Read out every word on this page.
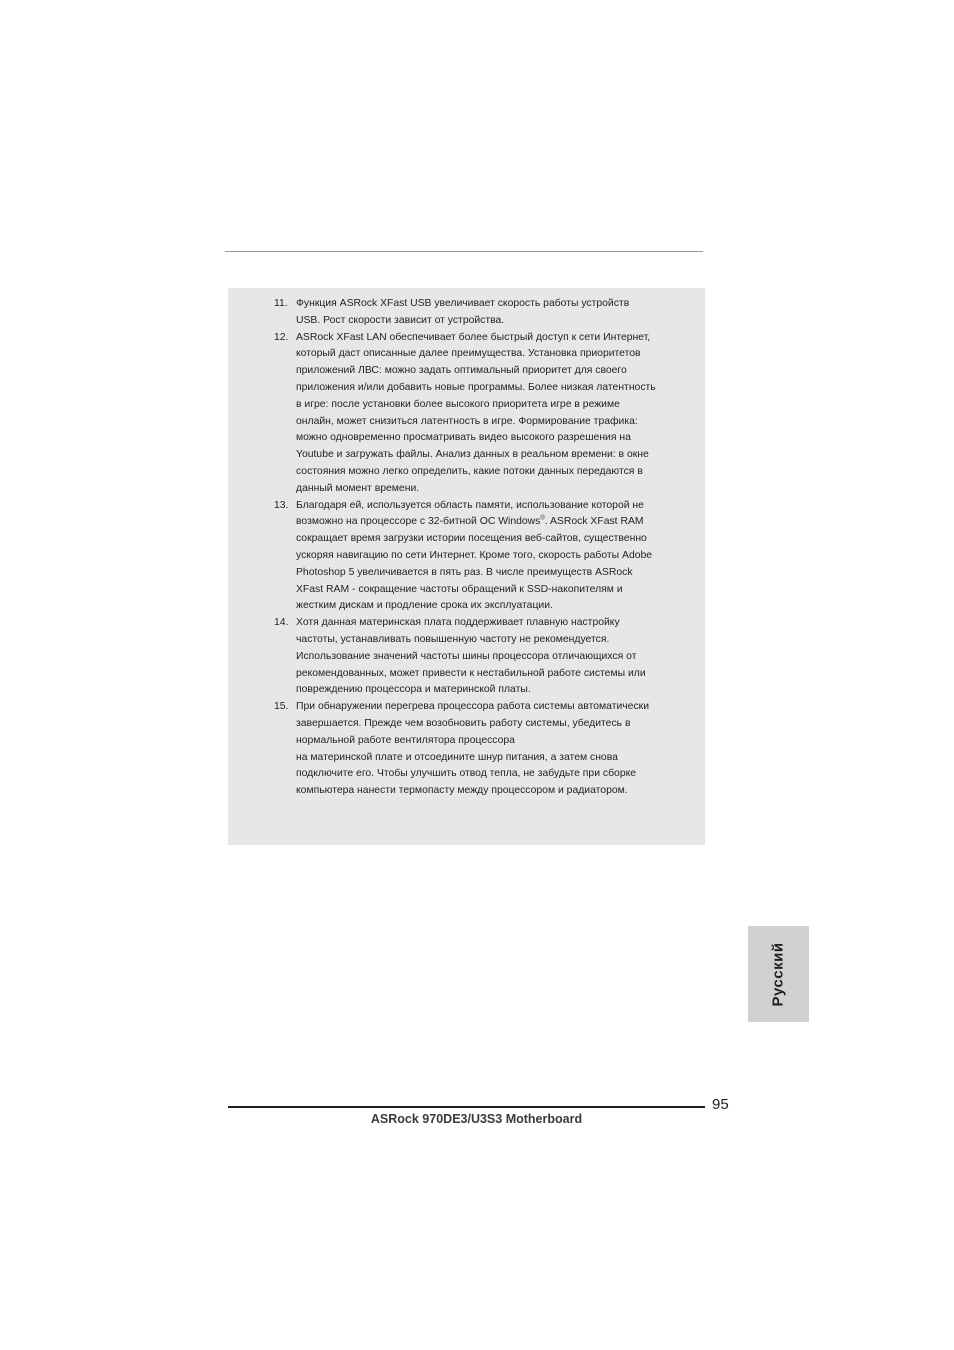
11. Функция ASRock XFast USB увеличивает скорость работы устройств
USB. Рост скорости зависит от устройства.
12. ASRock XFast LAN обеспечивает более быстрый доступ к сети Интернет,
который даст описанные далее преимущества. Установка приоритетов
приложений ЛВС: можно задать оптимальный приоритет для своего
приложения и/или добавить новые программы. Более низкая латентность
в игре: после установки более высокого приоритета игре в режиме
онлайн, может снизиться латентность в игре. Формирование трафика:
можно одновременно просматривать видео высокого разрешения на
Youtube и загружать файлы. Анализ данных в реальном времени: в окне
состояния можно легко определить, какие потоки данных передаются в
данный момент времени.
13. Благодаря ей, используется область памяти, использование которой не
возможно на процессоре с 32-битной ОС Windows®. ASRock XFast RAM
сокращает время загрузки истории посещения веб-сайтов, существенно
ускоряя навигацию по сети Интернет. Кроме того, скорость работы Adobe
Photoshop 5 увеличивается в пять раз. В числе преимуществ ASRock
XFast RAM - сокращение частоты обращений к SSD-накопителям и
жестким дискам и продление срока их эксплуатации.
14. Хотя данная материнская плата поддерживает плавную настройку
частоты, устанавливать повышенную частоту не рекомендуется.
Использование значений частоты шины процессора отличающихся от
рекомендованных, может привести к нестабильной работе системы или
повреждению процессора и материнской платы.
15. При обнаружении перегрева процессора работа системы автоматически
завершается. Прежде чем возобновить работу системы, убедитесь в
нормальной работе вентилятора процессора
на материнской плате и отсоедините шнур питания, а затем снова
подключите его. Чтобы улучшить отвод тепла, не забудьте при сборке
компьютера нанести термопасту между процессором и радиатором.
Русский
95
ASRock 970DE3/U3S3 Motherboard
